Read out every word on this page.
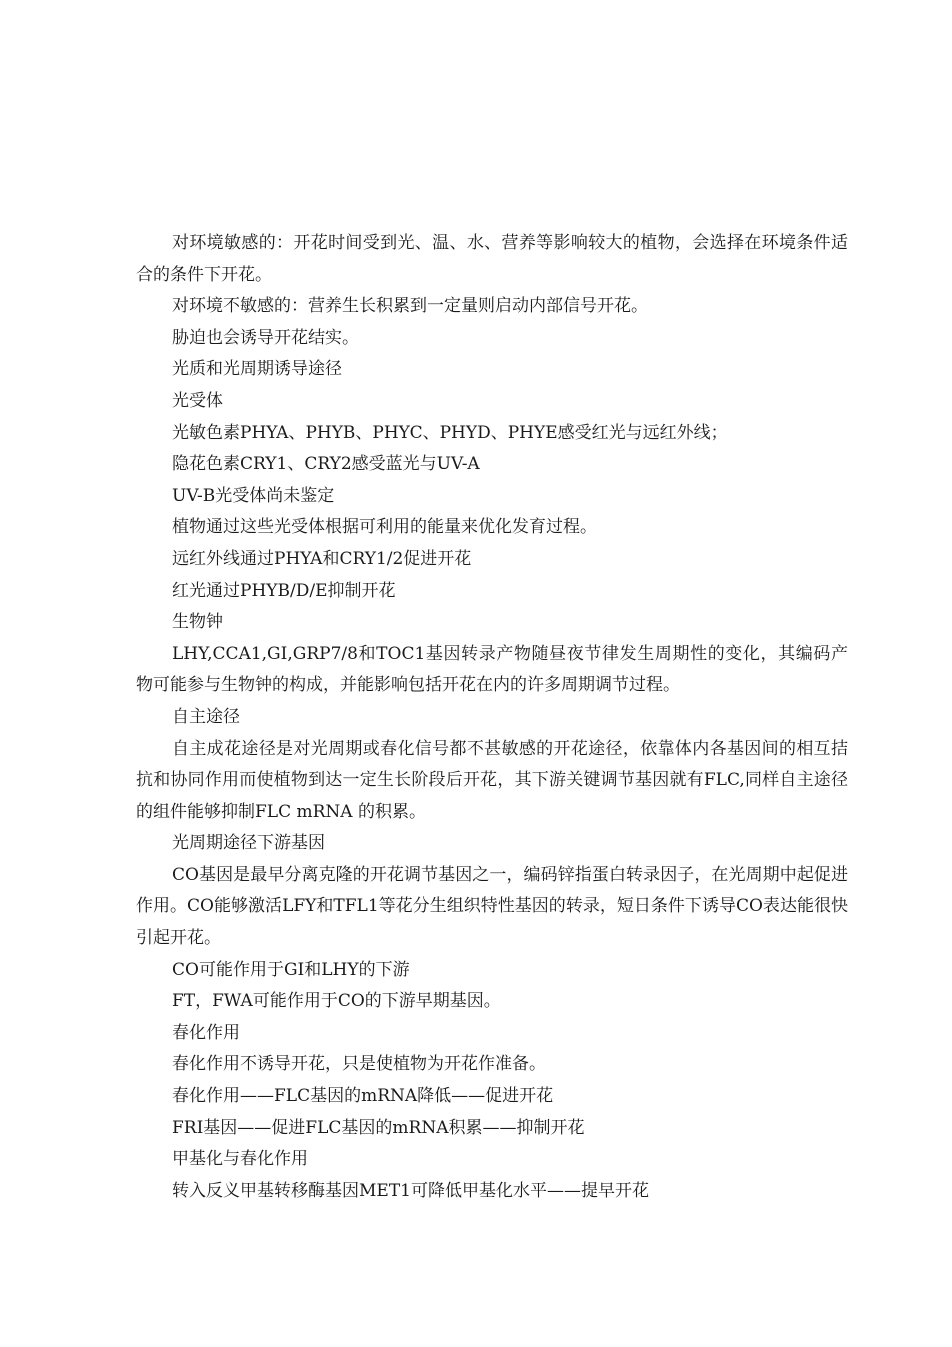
对环境敏感的：开花时间受到光、温、水、营养等影响较大的植物，会选择在环境条件适合的条件下开花。

对环境不敏感的：营养生长积累到一定量则启动内部信号开花。

胁迫也会诱导开花结实。

光质和光周期诱导途径

光受体

光敏色素PHYA、PHYB、PHYC、PHYD、PHYE感受红光与远红外线；

隐花色素CRY1、CRY2感受蓝光与UV-A

UV-B光受体尚未鉴定

植物通过这些光受体根据可利用的能量来优化发育过程。

远红外线通过PHYA和CRY1/2促进开花

红光通过PHYB/D/E抑制开花

生物钟

LHY,CCA1,GI,GRP7/8和TOC1基因转录产物随昼夜节律发生周期性的变化，其编码产物可能参与生物钟的构成，并能影响包括开花在内的许多周期调节过程。

自主途径

自主成花途径是对光周期或春化信号都不甚敏感的开花途径，依靠体内各基因间的相互拮抗和协同作用而使植物到达一定生长阶段后开花，其下游关键调节基因就有FLC,同样自主途径的组件能够抑制FLC mRNA 的积累。

光周期途径下游基因

CO基因是最早分离克隆的开花调节基因之一，编码锌指蛋白转录因子，在光周期中起促进作用。CO能够激活LFY和TFL1等花分生组织特性基因的转录，短日条件下诱导CO表达能很快引起开花。

CO可能作用于GI和LHY的下游

FT，FWA可能作用于CO的下游早期基因。

春化作用

春化作用不诱导开花，只是使植物为开花作准备。

春化作用——FLC基因的mRNA降低——促进开花

FRI基因——促进FLC基因的mRNA积累——抑制开花

甲基化与春化作用

转入反义甲基转移酶基因MET1可降低甲基化水平——提早开花
